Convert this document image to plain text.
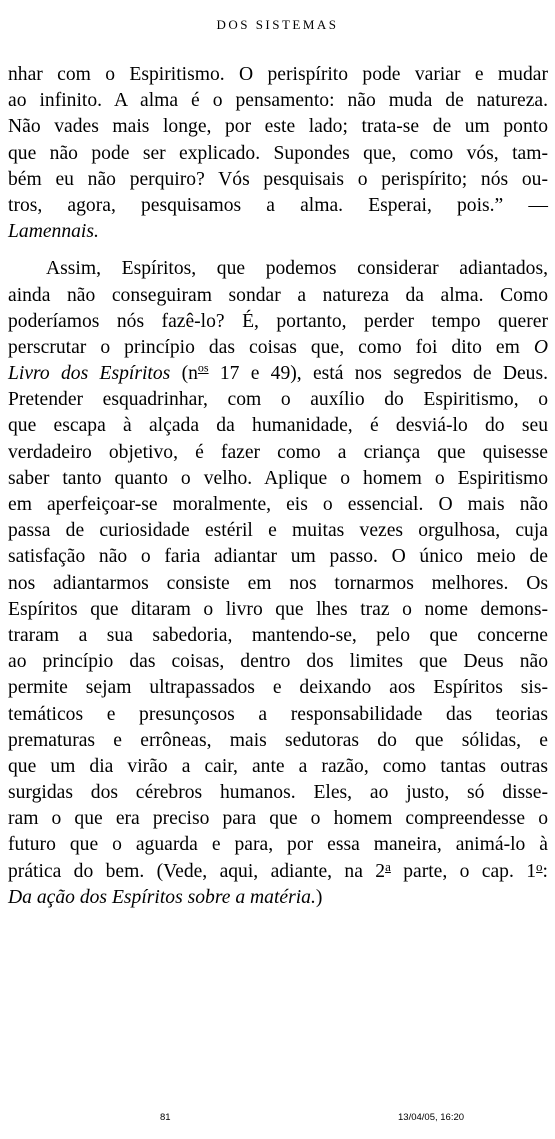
DOS SISTEMAS
nhar com o Espiritismo. O perispírito pode variar e mudar
ao infinito. A alma é o pensamento: não muda de natureza.
Não vades mais longe, por este lado; trata-se de um ponto
que não pode ser explicado. Supondes que, como vós, tam-
bém eu não perquiro? Vós pesquisais o perispírito; nós ou-
tros, agora, pesquisamos a alma. Esperai, pois.” —
Lamennais.
Assim, Espíritos, que podemos considerar adiantados,
ainda não conseguiram sondar a natureza da alma. Como
poderíamos nós fazê-lo? É, portanto, perder tempo querer
perscrutar o princípio das coisas que, como foi dito em O
Livro dos Espíritos ($n^{os}$ 17 e 49), está nos segredos de Deus.
Pretender esquadrinhar, com o auxílio do Espiritismo, o
que escapa à alçada da humanidade, é desviá-lo do seu
verdadeiro objetivo, é fazer como a criança que quisesse
saber tanto quanto o velho. Aplique o homem o Espiritismo
em aperfeiçoar-se moralmente, eis o essencial. O mais não
passa de curiosidade estéril e muitas vezes orgulhosa, cuja
satisfação não o faria adiantar um passo. O único meio de
nos adiantarmos consiste em nos tornarmos melhores. Os
Espíritos que ditaram o livro que lhes traz o nome demons-
traram a sua sabedoria, mantendo-se, pelo que concerne
ao princípio das coisas, dentro dos limites que Deus não
permite sejam ultrapassados e deixando aos Espíritos sis-
temáticos e presunçosos a responsabilidade das teorias
prematuras e errôneas, mais sedutoras do que sólidas, e
que um dia virão a cair, ante a razão, como tantas outras
surgidas dos cérebros humanos. Eles, ao justo, só disse-
ram o que era preciso para que o homem compreendesse o
futuro que o aguarda e para, por essa maneira, animá-lo à
prática do bem. (Vede, aqui, adiante, na 2$^a$ parte, o cap. 1$^o$:
Da ação dos Espíritos sobre a matéria.)
81	13/04/05, 16:20
